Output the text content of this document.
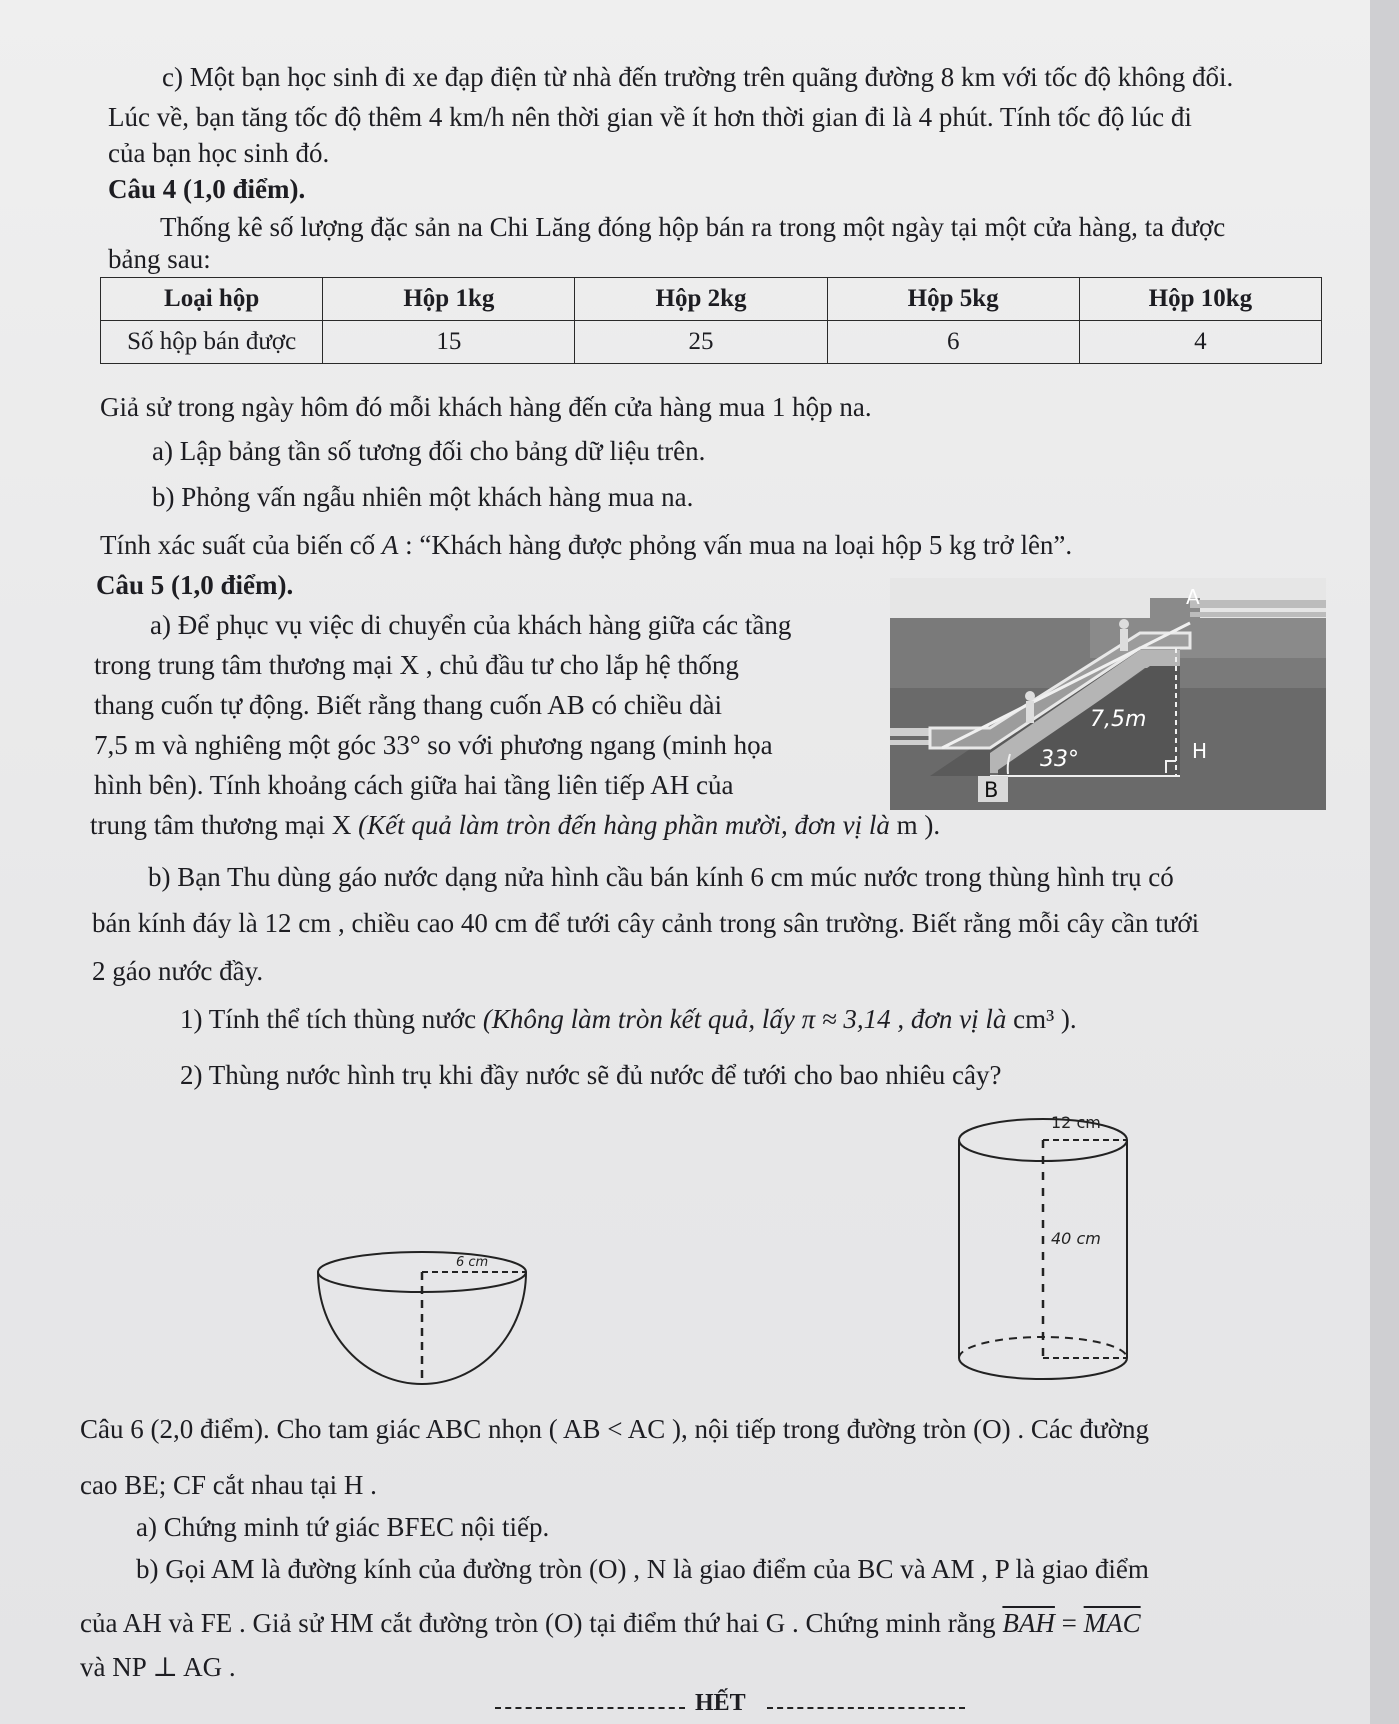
c) Một bạn học sinh đi xe đạp điện từ nhà đến trường trên quãng đường 8 km với tốc độ không đổi.
Lúc về, bạn tăng tốc độ thêm 4 km/h nên thời gian về ít hơn thời gian đi là 4 phút. Tính tốc độ lúc đi
của bạn học sinh đó.
Câu 4 (1,0 điểm).
Thống kê số lượng đặc sản na Chi Lăng đóng hộp bán ra trong một ngày tại một cửa hàng, ta được
bảng sau:
Loại hộp	Hộp 1kg	Hộp 2kg	Hộp 5kg	Hộp 10kg
Số hộp bán được	15	25	6	4
Giả sử trong ngày hôm đó mỗi khách hàng đến cửa hàng mua 1 hộp na.
a) Lập bảng tần số tương đối cho bảng dữ liệu trên.
b) Phỏng vấn ngẫu nhiên một khách hàng mua na.
Tính xác suất của biến cố A : “Khách hàng được phỏng vấn mua na loại hộp 5 kg trở lên”.
Câu 5 (1,0 điểm).
a) Để phục vụ việc di chuyển của khách hàng giữa các tầng
trong trung tâm thương mại X , chủ đầu tư cho lắp hệ thống
thang cuốn tự động. Biết rằng thang cuốn AB có chiều dài
7,5 m và nghiêng một góc 33° so với phương ngang (minh họa
hình bên). Tính khoảng cách giữa hai tầng liên tiếp AH của
trung tâm thương mại X (Kết quả làm tròn đến hàng phần mười, đơn vị là m ).
33°
7,5m
B
A
H
b) Bạn Thu dùng gáo nước dạng nửa hình cầu bán kính 6 cm múc nước trong thùng hình trụ có
bán kính đáy là 12 cm , chiều cao 40 cm để tưới cây cảnh trong sân trường. Biết rằng mỗi cây cần tưới
2 gáo nước đầy.
1) Tính thể tích thùng nước (Không làm tròn kết quả, lấy π ≈ 3,14 , đơn vị là cm³ ).
2) Thùng nước hình trụ khi đầy nước sẽ đủ nước để tưới cho bao nhiêu cây?
6 cm
12 cm
40 cm
Câu 6 (2,0 điểm). Cho tam giác ABC nhọn ( AB < AC ), nội tiếp trong đường tròn (O) . Các đường
cao BE; CF cắt nhau tại H .
a) Chứng minh tứ giác BFEC nội tiếp.
b) Gọi AM là đường kính của đường tròn (O) , N là giao điểm của BC và AM , P là giao điểm
của AH và FE . Giả sử HM cắt đường tròn (O) tại điểm thứ hai G . Chứng minh rằng $\overline{BAH} = \overline{MAC}$
và NP ⊥ AG .
HẾT
